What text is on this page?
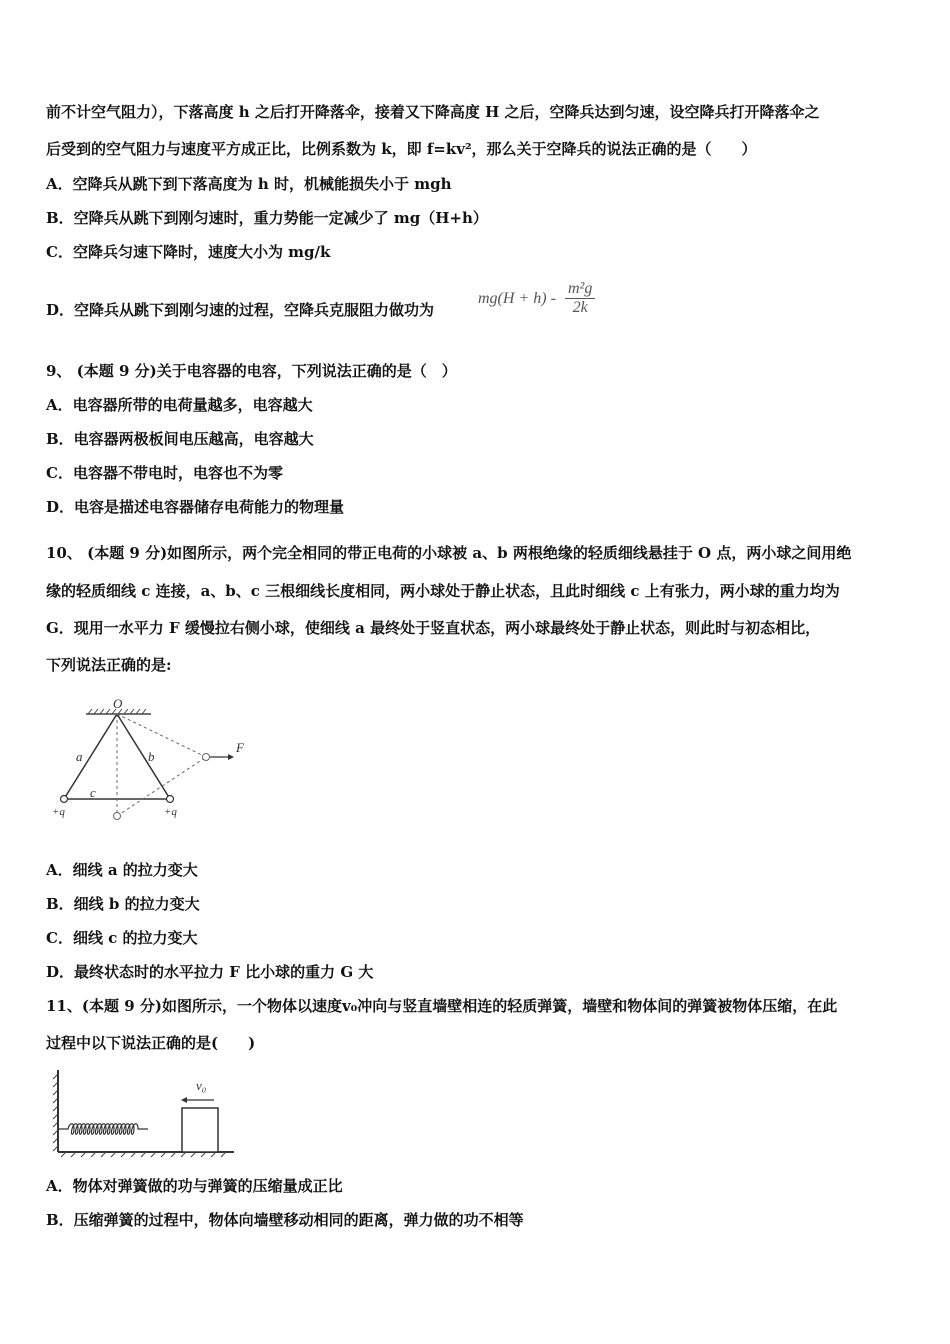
前不计空气阻力），下落高度 h 之后打开降落伞，接着又下降高度 H 之后，空降兵达到匀速，设空降兵打开降落伞之
后受到的空气阻力与速度平方成正比，比例系数为 k，即 f=kv²，那么关于空降兵的说法正确的是（　　）
A．空降兵从跳下到下落高度为 h 时，机械能损失小于 mgh
B．空降兵从跳下到刚匀速时，重力势能一定减少了 mg（H+h）
C．空降兵匀速下降时，速度大小为 mg/k
D．空降兵从跳下到刚匀速的过程，空降兵克服阻力做功为
$mg(H + h) - \frac{\text{m²g}}{2k}$
9、 (本题 9 分)关于电容器的电容，下列说法正确的是（　）
A．电容器所带的电荷量越多，电容越大
B．电容器两极板间电压越高，电容越大
C．电容器不带电时，电容也不为零
D．电容是描述电容器储存电荷能力的物理量
10、 (本题 9 分)如图所示，两个完全相同的带正电荷的小球被 a、b 两根绝缘的轻质细线悬挂于 O 点，两小球之间用绝
缘的轻质细线 c 连接，a、b、c 三根细线长度相同，两小球处于静止状态，且此时细线 c 上有张力，两小球的重力均为
G．现用一水平力 F 缓慢拉右侧小球，使细线 a 最终处于竖直状态，两小球最终处于静止状态，则此时与初态相比，
下列说法正确的是:
O
F
a	b
c
+q	+q
A．细线 a 的拉力变大
B．细线 b 的拉力变大
C．细线 c 的拉力变大
D．最终状态时的水平拉力 F 比小球的重力 G 大
11、(本题 9 分)如图所示，一个物体以速度v₀冲向与竖直墙壁相连的轻质弹簧，墙壁和物体间的弹簧被物体压缩，在此
过程中以下说法正确的是(　　)
v₀
A．物体对弹簧做的功与弹簧的压缩量成正比
B．压缩弹簧的过程中，物体向墙壁移动相同的距离，弹力做的功不相等
